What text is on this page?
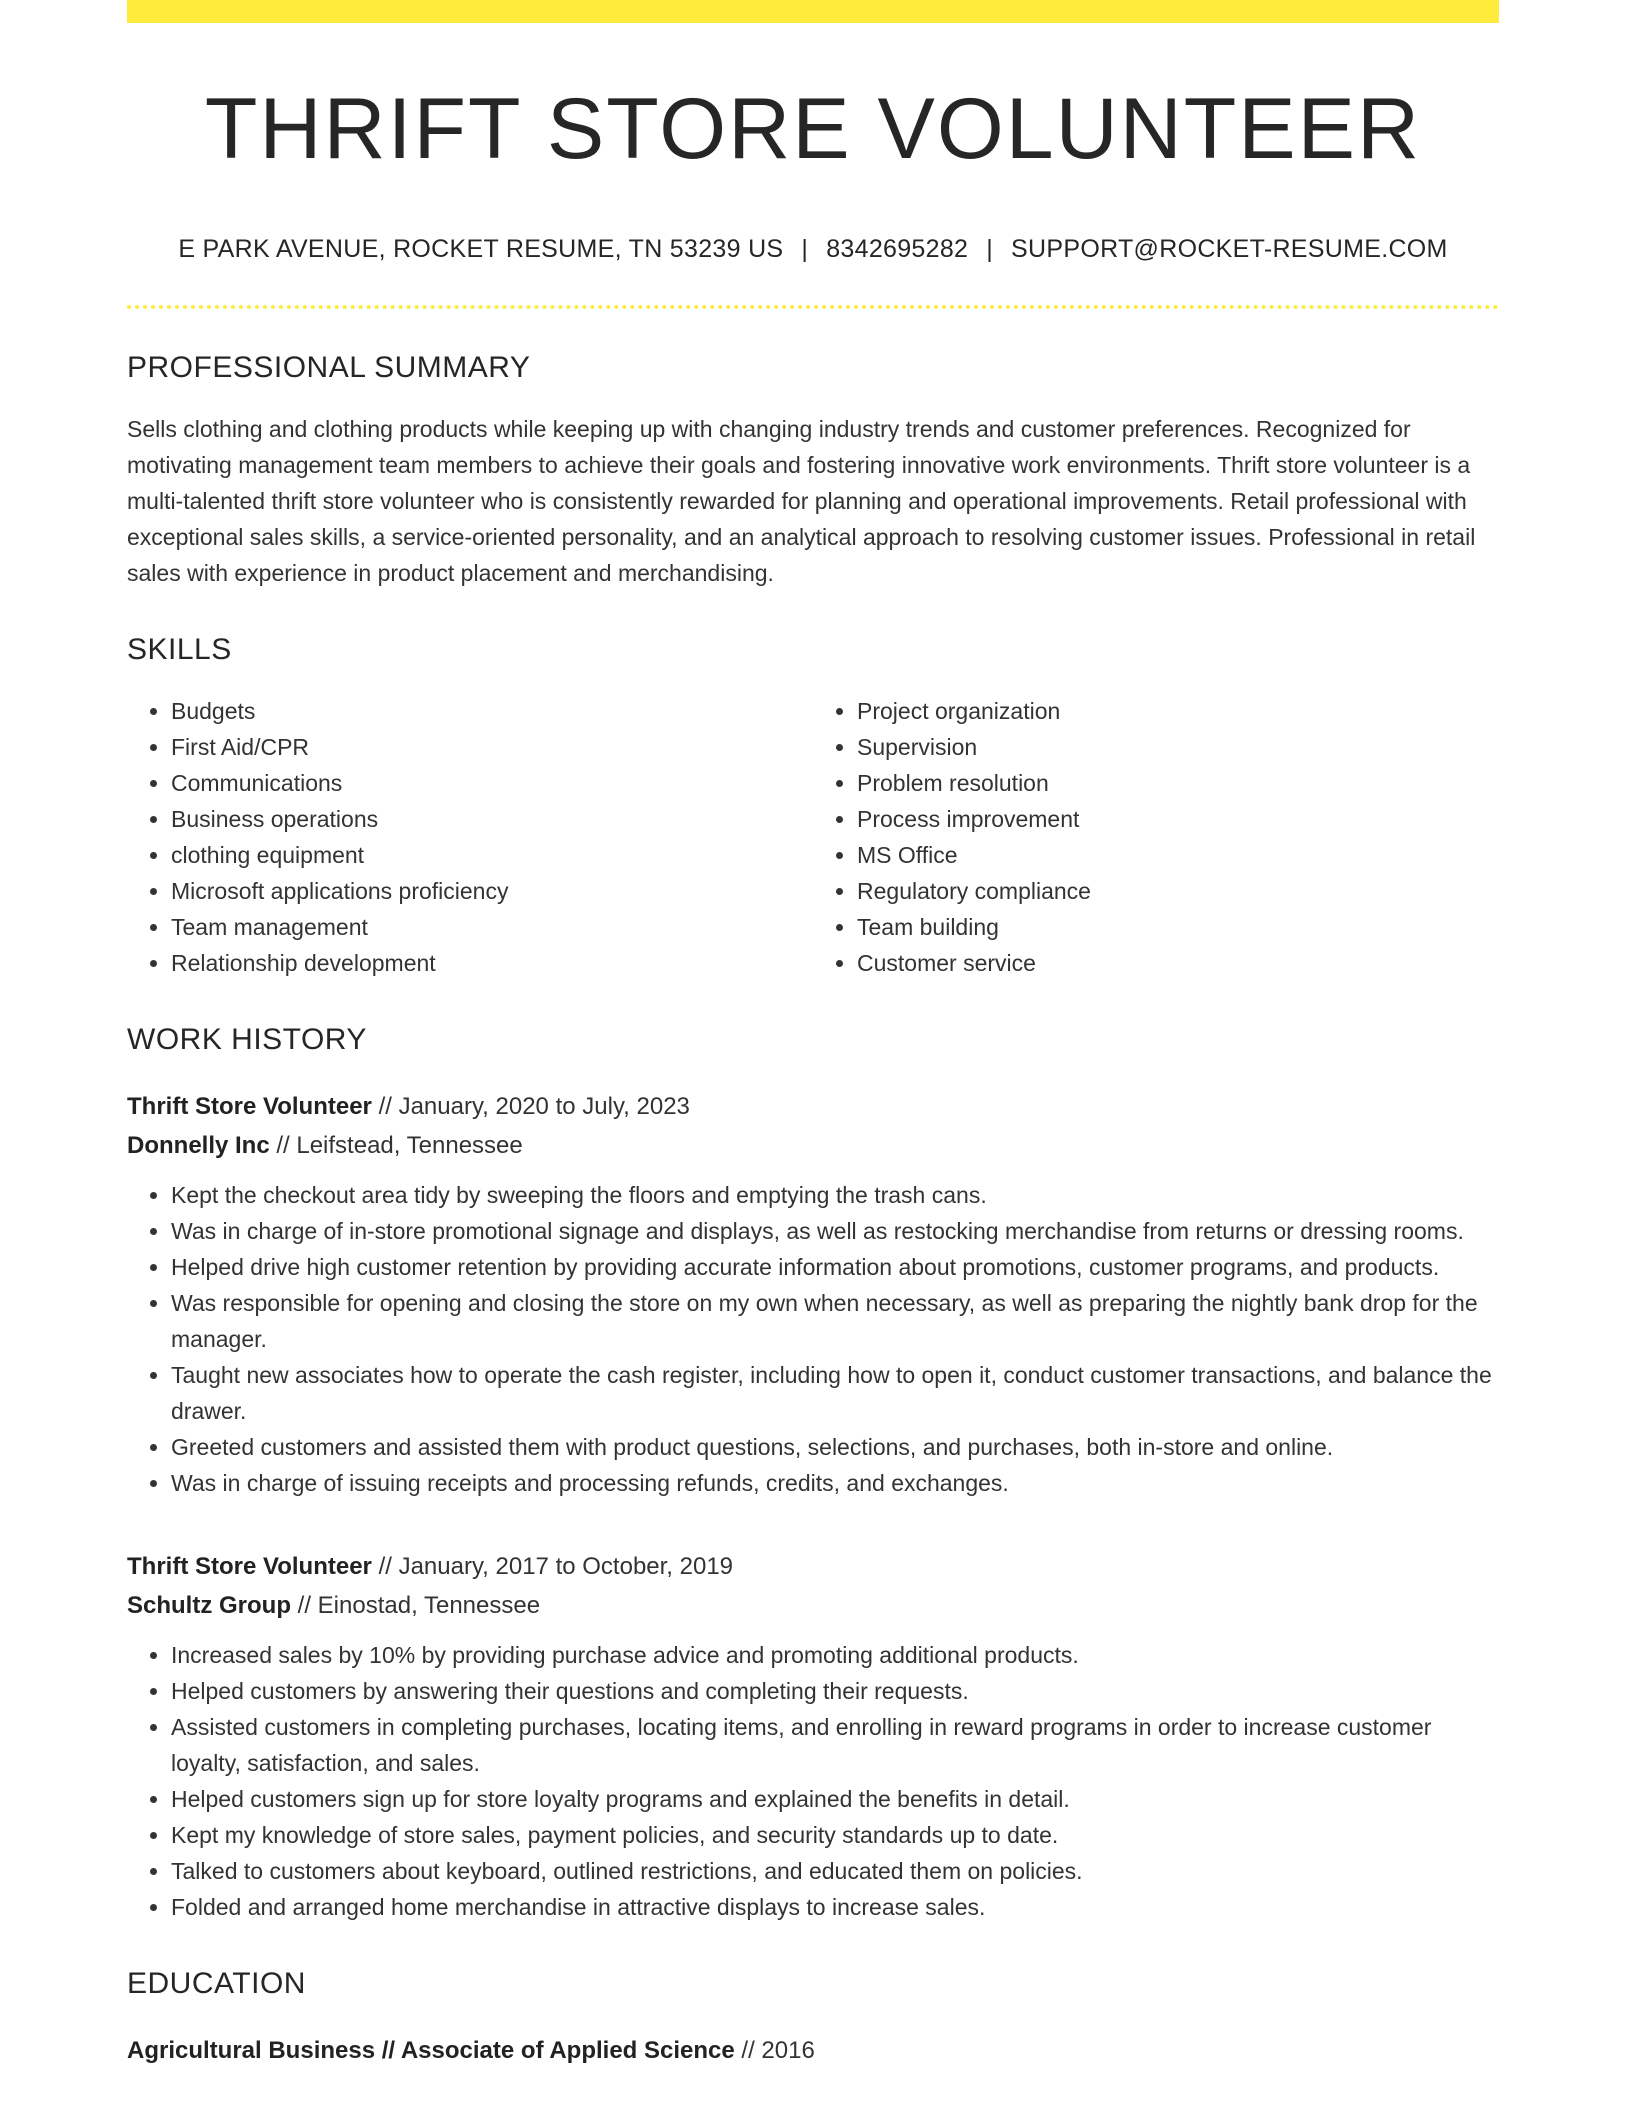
THRIFT STORE VOLUNTEER
E PARK AVENUE, ROCKET RESUME, TN 53239 US | 8342695282 | SUPPORT@ROCKET-RESUME.COM
PROFESSIONAL SUMMARY

Sells clothing and clothing products while keeping up with changing industry trends and customer preferences. Recognized for motivating management team members to achieve their goals and fostering innovative work environments. Thrift store volunteer is a multi-talented thrift store volunteer who is consistently rewarded for planning and operational improvements. Retail professional with exceptional sales skills, a service-oriented personality, and an analytical approach to resolving customer issues. Professional in retail sales with experience in product placement and merchandising.

SKILLS
• Budgets
• First Aid/CPR
• Communications
• Business operations
• clothing equipment
• Microsoft applications proficiency
• Team management
• Relationship development
• Project organization
• Supervision
• Problem resolution
• Process improvement
• MS Office
• Regulatory compliance
• Team building
• Customer service
WORK HISTORY
Thrift Store Volunteer // January, 2020 to July, 2023
Donnelly Inc // Leifstead, Tennessee
• Kept the checkout area tidy by sweeping the floors and emptying the trash cans.
• Was in charge of in-store promotional signage and displays, as well as restocking merchandise from returns or dressing rooms.
• Helped drive high customer retention by providing accurate information about promotions, customer programs, and products.
• Was responsible for opening and closing the store on my own when necessary, as well as preparing the nightly bank drop for the manager.
• Taught new associates how to operate the cash register, including how to open it, conduct customer transactions, and balance the drawer.
• Greeted customers and assisted them with product questions, selections, and purchases, both in-store and online.
• Was in charge of issuing receipts and processing refunds, credits, and exchanges.
Thrift Store Volunteer // January, 2017 to October, 2019
Schultz Group // Einostad, Tennessee
• Increased sales by 10% by providing purchase advice and promoting additional products.
• Helped customers by answering their questions and completing their requests.
• Assisted customers in completing purchases, locating items, and enrolling in reward programs in order to increase customer loyalty, satisfaction, and sales.
• Helped customers sign up for store loyalty programs and explained the benefits in detail.
• Kept my knowledge of store sales, payment policies, and security standards up to date.
• Talked to customers about keyboard, outlined restrictions, and educated them on policies.
• Folded and arranged home merchandise in attractive displays to increase sales.
EDUCATION
Agricultural Business // Associate of Applied Science // 2016
